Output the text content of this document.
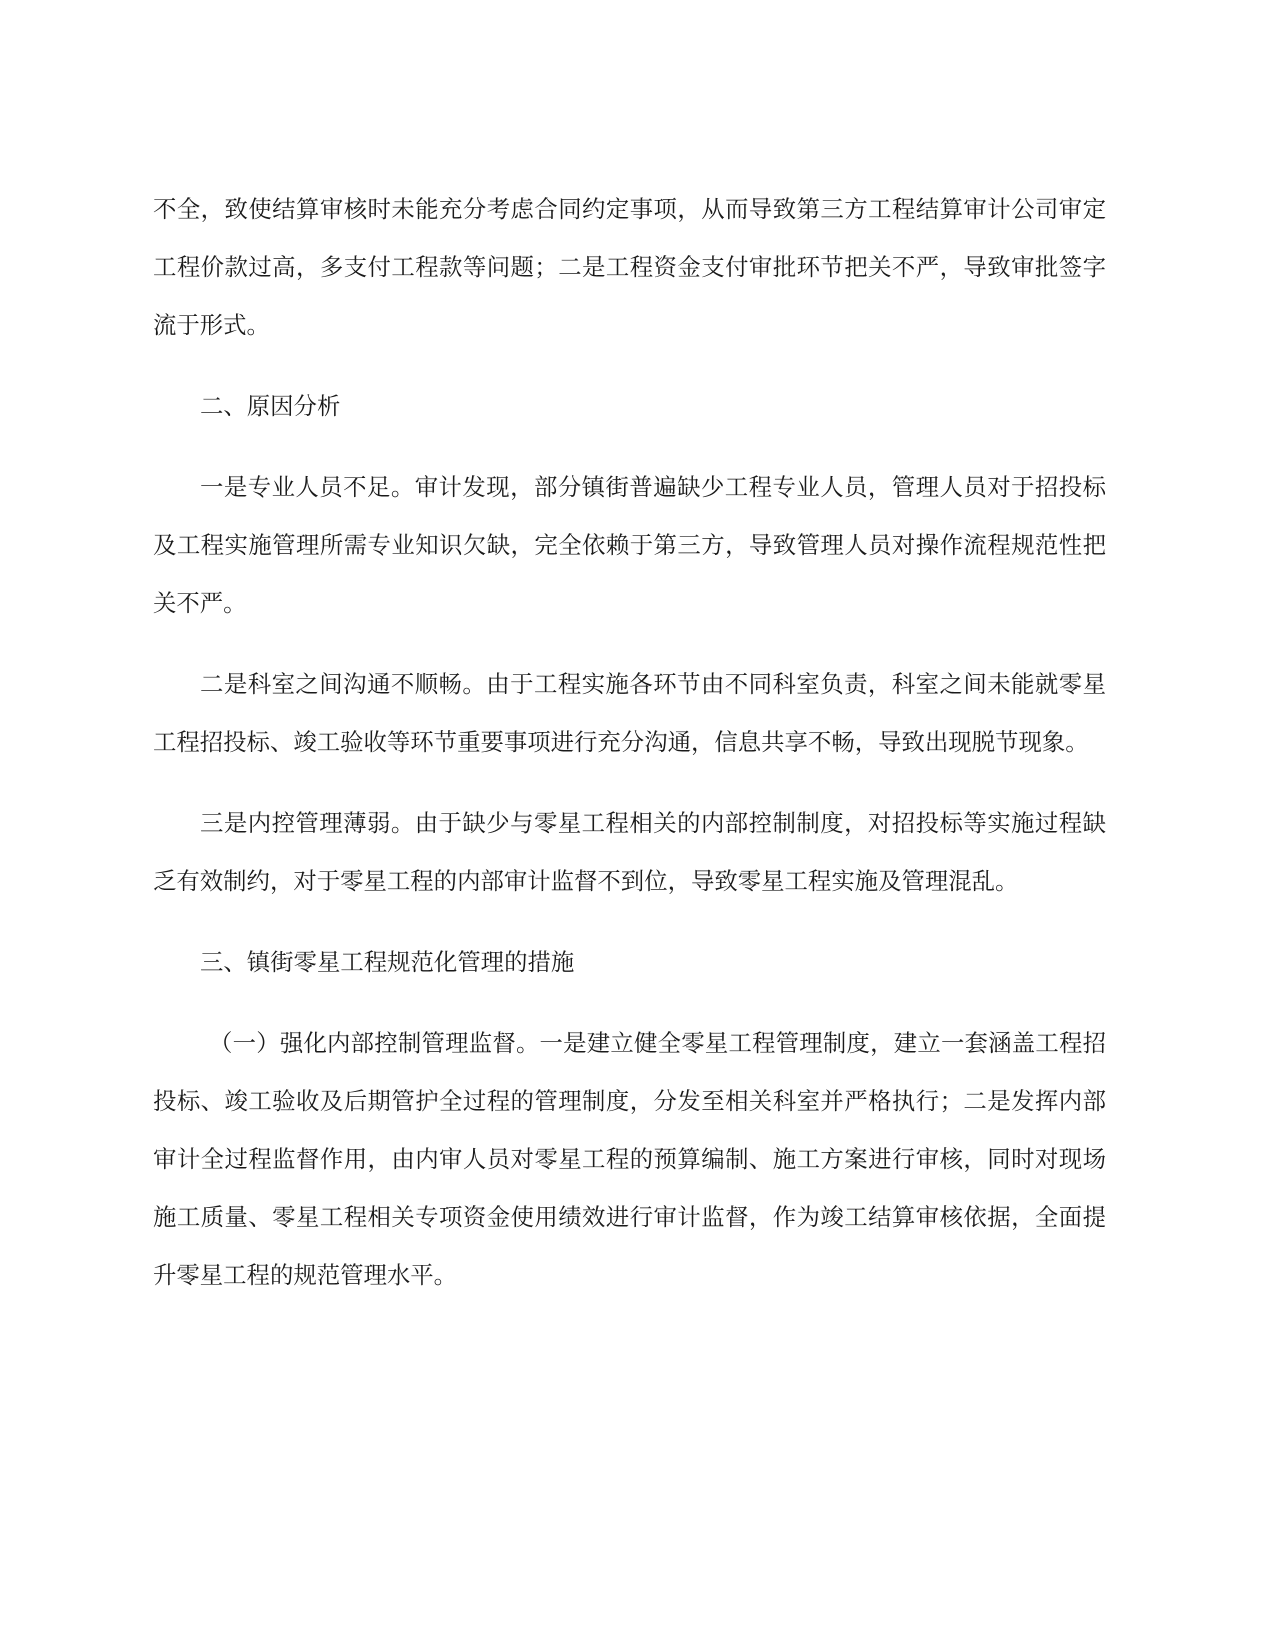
不全，致使结算审核时未能充分考虑合同约定事项，从而导致第三方工程结算审计公司审定工程价款过高，多支付工程款等问题；二是工程资金支付审批环节把关不严，导致审批签字流于形式。

二、原因分析

一是专业人员不足。审计发现，部分镇街普遍缺少工程专业人员，管理人员对于招投标及工程实施管理所需专业知识欠缺，完全依赖于第三方，导致管理人员对操作流程规范性把关不严。

二是科室之间沟通不顺畅。由于工程实施各环节由不同科室负责，科室之间未能就零星工程招投标、竣工验收等环节重要事项进行充分沟通，信息共享不畅，导致出现脱节现象。

三是内控管理薄弱。由于缺少与零星工程相关的内部控制制度，对招投标等实施过程缺乏有效制约，对于零星工程的内部审计监督不到位，导致零星工程实施及管理混乱。

三、镇街零星工程规范化管理的措施

（一）强化内部控制管理监督。一是建立健全零星工程管理制度，建立一套涵盖工程招投标、竣工验收及后期管护全过程的管理制度，分发至相关科室并严格执行；二是发挥内部审计全过程监督作用，由内审人员对零星工程的预算编制、施工方案进行审核，同时对现场施工质量、零星工程相关专项资金使用绩效进行审计监督，作为竣工结算审核依据，全面提升零星工程的规范管理水平。
